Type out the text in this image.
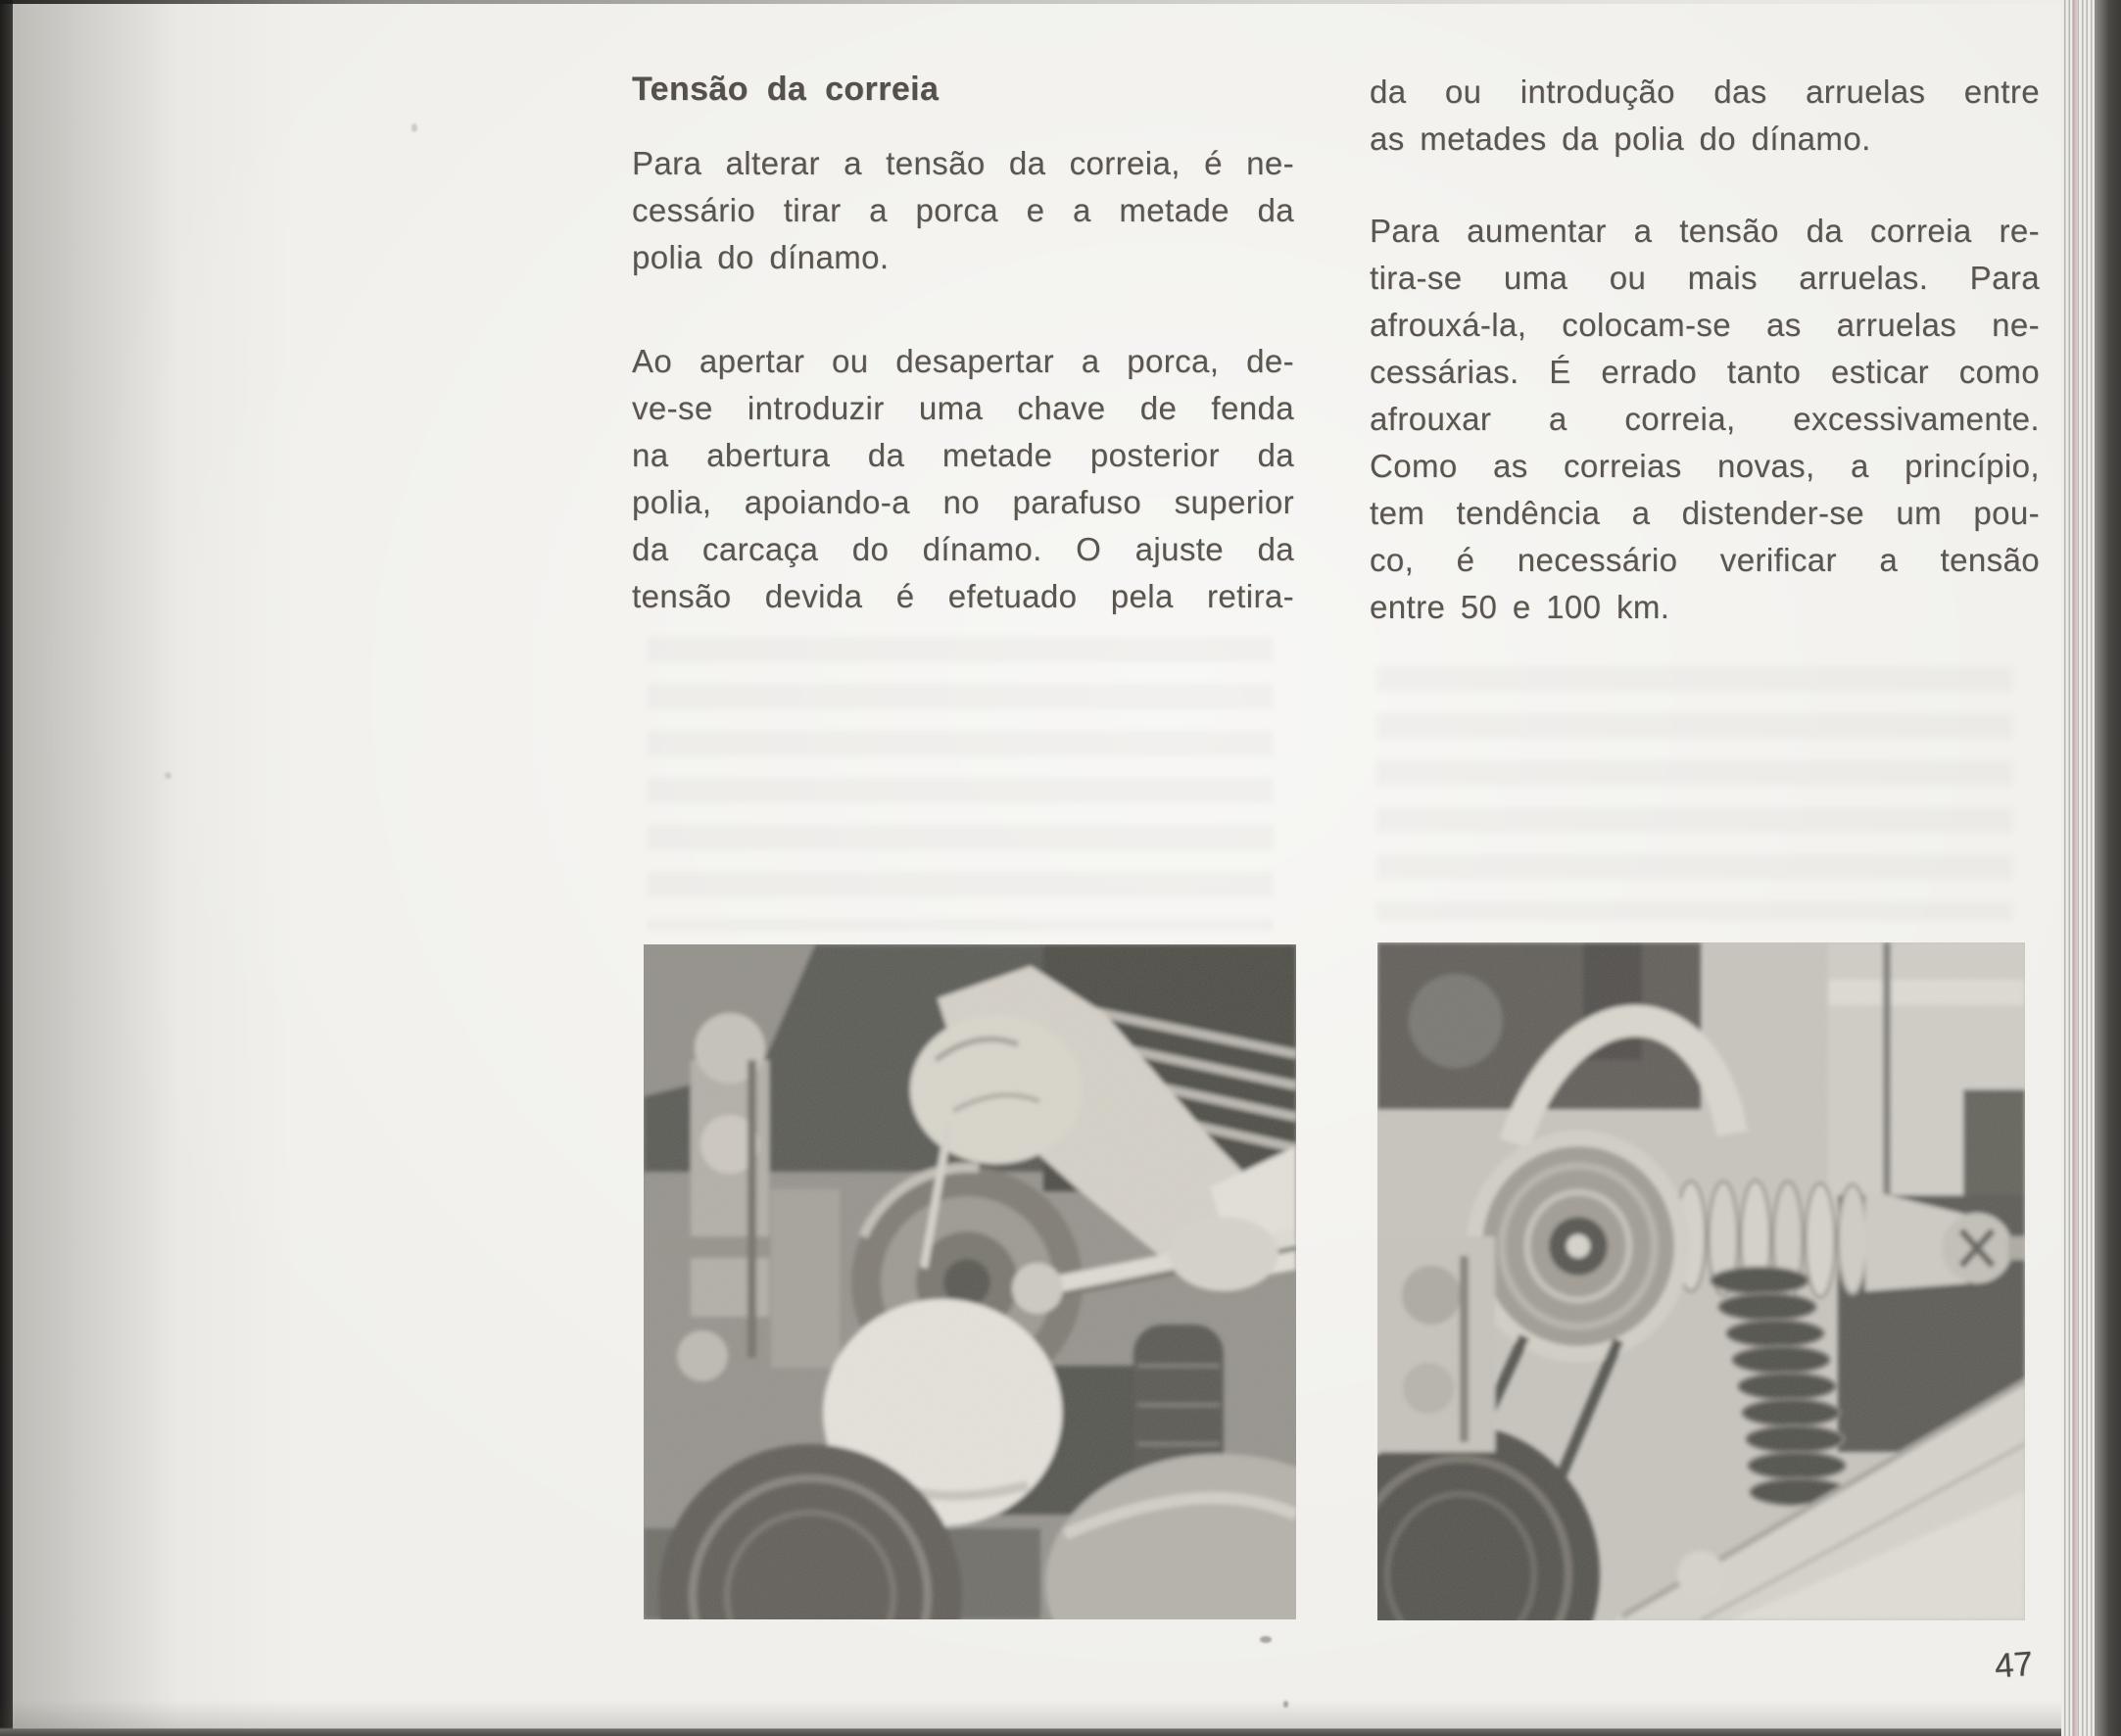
Tensão da correia
Para alterar a tensão da correia, é ne-
cessário tirar a porca e a metade da
polia do dínamo.
Ao apertar ou desapertar a porca, de-
ve-se introduzir uma chave de fenda
na abertura da metade posterior da
polia, apoiando-a no parafuso superior
da carcaça do dínamo. O ajuste da
tensão devida é efetuado pela retira-
da ou introdução das arruelas entre
as metades da polia do dínamo.
Para aumentar a tensão da correia re-
tira-se uma ou mais arruelas. Para
afrouxá-la, colocam-se as arruelas ne-
cessárias. É errado tanto esticar como
afrouxar a correia, excessivamente.
Como as correias novas, a princípio,
tem tendência a distender-se um pou-
co, é necessário verificar a tensão
entre 50 e 100 km.
47
